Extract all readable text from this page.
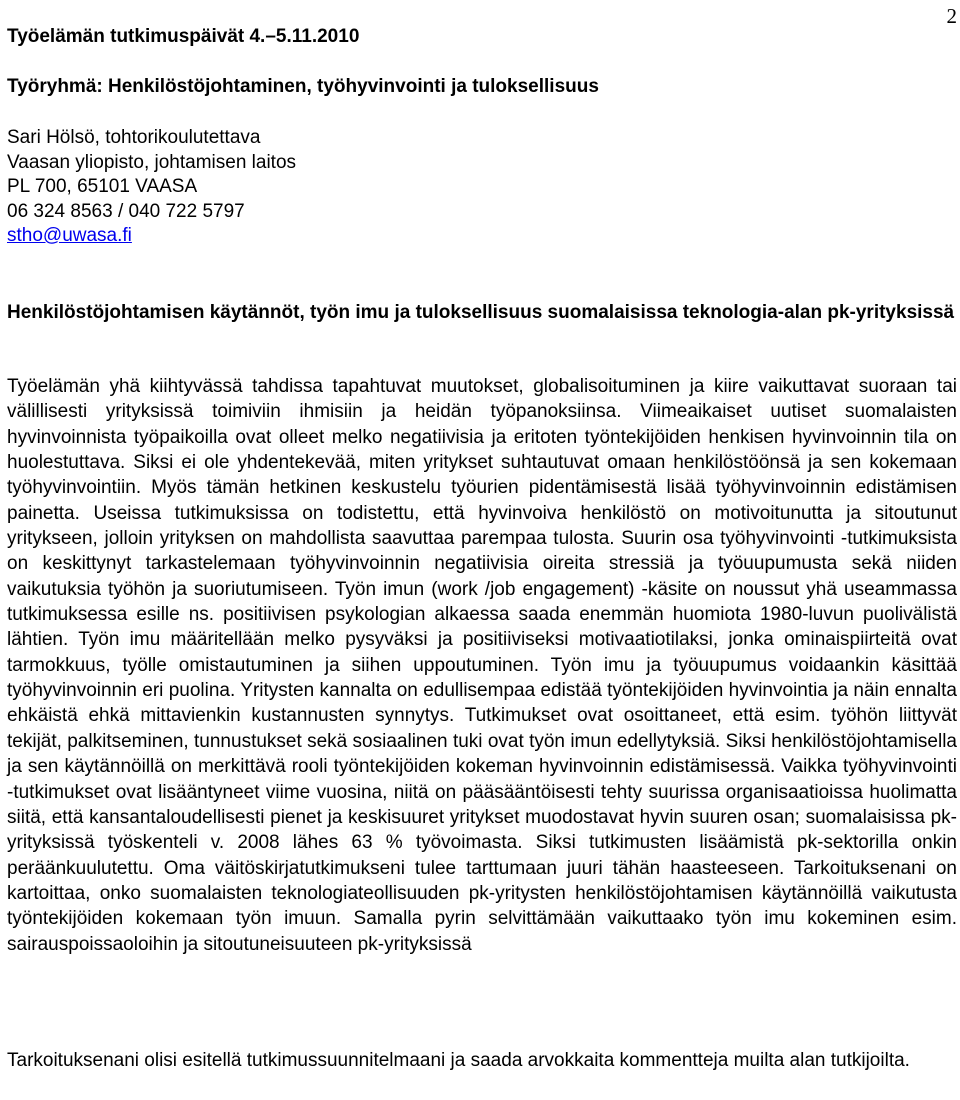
2
Työelämän tutkimuspäivät 4.–5.11.2010
Työryhmä: Henkilöstöjohtaminen, työhyvinvointi ja tuloksellisuus
Sari Hölsö, tohtorikoulutettava
Vaasan yliopisto, johtamisen laitos
PL 700, 65101 VAASA
06 324 8563 / 040 722 5797
stho@uwasa.fi
Henkilöstöjohtamisen käytännöt, työn imu ja tuloksellisuus suomalaisissa teknologia-alan pk-yrityksissä

Työelämän yhä kiihtyvässä tahdissa tapahtuvat muutokset, globalisoituminen ja kiire vaikuttavat suoraan tai välillisesti yrityksissä toimiviin ihmisiin ja heidän työpanoksiinsa. Viimeaikaiset uutiset suomalaisten hyvinvoinnista työpaikoilla ovat olleet melko negatiivisia ja eritoten työntekijöiden henkisen hyvinvoinnin tila on huolestuttava. Siksi ei ole yhdentekevää, miten yritykset suhtautuvat omaan henkilöstöönsä ja sen kokemaan työhyvinvointiin. Myös tämän hetkinen keskustelu työurien pidentämisestä lisää työhyvinvoinnin edistämisen painetta. Useissa tutkimuksissa on todistettu, että hyvinvoiva henkilöstö on motivoitunutta ja sitoutunut yritykseen, jolloin yrityksen on mahdollista saavuttaa parempaa tulosta. Suurin osa työhyvinvointi -tutkimuksista on keskittynyt tarkastelemaan työhyvinvoinnin negatiivisia oireita stressiä ja työuupumusta sekä niiden vaikutuksia työhön ja suoriutumiseen. Työn imun (work /job engagement) -käsite on noussut yhä useammassa tutkimuksessa esille ns. positiivisen psykologian alkaessa saada enemmän huomiota 1980-luvun puolivälistä lähtien. Työn imu määritellään melko pysyväksi ja positiiviseksi motivaatiotilaksi, jonka ominaispiirteitä ovat tarmokkuus, työlle omistautuminen ja siihen uppoutuminen. Työn imu ja työuupumus voidaankin käsittää työhyvinvoinnin eri puolina. Yritysten kannalta on edullisempaa edistää työntekijöiden hyvinvointia ja näin ennalta ehkäistä ehkä mittavienkin kustannusten synnytys. Tutkimukset ovat osoittaneet, että esim. työhön liittyvät tekijät, palkitseminen, tunnustukset sekä sosiaalinen tuki ovat työn imun edellytyksiä. Siksi henkilöstöjohtamisella ja sen käytännöillä on merkittävä rooli työntekijöiden kokeman hyvinvoinnin edistämisessä. Vaikka työhyvinvointi -tutkimukset ovat lisääntyneet viime vuosina, niitä on pääsääntöisesti tehty suurissa organisaatioissa huolimatta siitä, että kansantaloudellisesti pienet ja keskisuuret yritykset muodostavat hyvin suuren osan; suomalaisissa pk-yrityksissä työskenteli v. 2008 lähes 63 % työvoimasta. Siksi tutkimusten lisäämistä pk-sektorilla onkin peräänkuulutettu. Oma väitöskirjatutkimukseni tulee tarttumaan juuri tähän haasteeseen. Tarkoituksenani on kartoittaa, onko suomalaisten teknologiateollisuuden pk-yritysten henkilöstöjohtamisen käytännöillä vaikutusta työntekijöiden kokemaan työn imuun. Samalla pyrin selvittämään vaikuttaako työn imu kokeminen esim. sairauspoissaoloihin ja sitoutuneisuuteen pk-yrityksissä

Tarkoituksenani olisi esitellä tutkimussuunnitelmaani ja saada arvokkaita kommentteja muilta alan tutkijoilta.
